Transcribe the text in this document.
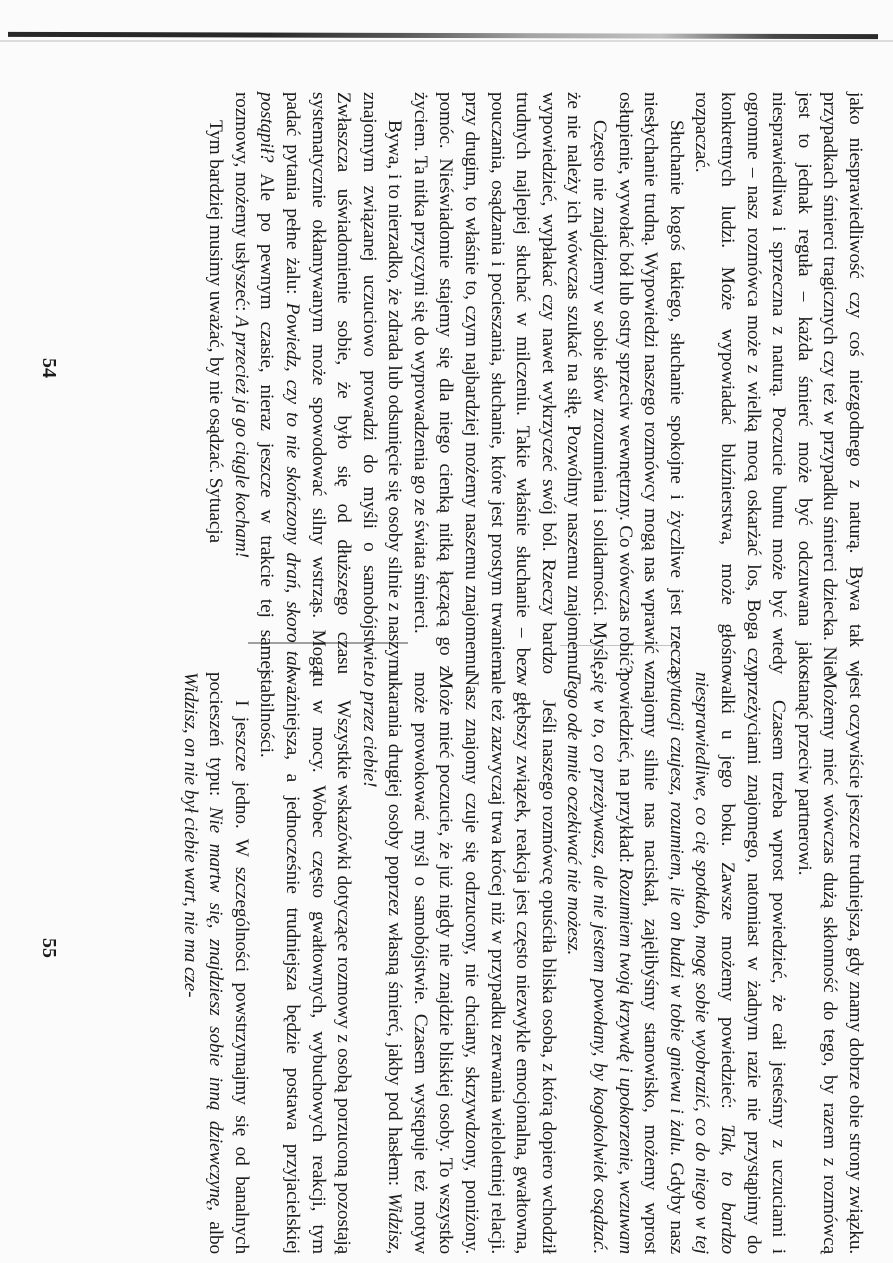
jako niesprawiedliwość czy coś niezgodnego z naturą. Bywa tak w przypadkach śmierci tragicznych czy też w przypadku śmierci dziecka. Nie jest to jednak reguła – każda śmierć może być odczuwana jako niesprawiedliwa i sprzeczna z naturą. Poczucie buntu może być wtedy ogromne – nasz rozmówca może z wielką mocą oskarżać los, Boga czy konkretnych ludzi. Może wypowiadać bluźnierstwa, może głośno rozpaczać.

Słuchanie kogoś takiego, słuchanie spokojne i życzliwe jest rzeczą niesłychanie trudną. Wypowiedzi naszego rozmówcy mogą nas wprawić w osłupienie, wywołać bół lub ostry sprzeciw wewnętrzny. Co wówczas robić?

Często nie znajdziemy w sobie słów zrozumienia i solidarności. Myślę, że nie należy ich wówczas szukać na siłę. Pozwólmy naszemu znajomemu wypowiedzieć, wypłakać czy nawet wykrzyczeć swój ból. Rzeczy bardzo trudnych najlepiej słuchać w milczeniu. Takie właśnie słuchanie – bez pouczania, osądzania i pocieszania, słuchanie, które jest prostym trwaniem przy drugim, to właśnie to, czym najbardziej możemy naszemu znajomemu pomóc. Nieświadomie stajemy się dla niego cienką nitką łączącą go z życiem. Ta nitka przyczyni się do wyprowadzenia go ze świata śmierci.

Bywa, i to nierzadko, że zdrada lub odsunięcie się osoby silnie z naszym znajomym związanej uczuciowo prowadzi do myśli o samobójstwie. Zwłaszcza uświadomienie sobie, że było się od dłuższego czasu systematycznie okłamywanym może spowodować silny wstrząs. Mogą padać pytania pełne żalu: Powiedz, czy to nie skończony drań, skoro tak postąpił? Ale po pewnym czasie, nieraz jeszcze w trakcie tej samej rozmowy, możemy usłyszeć: A przecież ja go ciągle kocham!

Tym bardziej musimy uważać, by nie osądzać. Sytuacja

54

jest oczywiście jeszcze trudniejsza, gdy znamy dobrze obie strony związku. Możemy mieć wówczas dużą skłonność do tego, by razem z rozmówcą stanąć przeciw partnerowi.

Czasem trzeba wprost powiedzieć, że całi jesteśmy z uczuciami i przeżyciami znajomego, natomiast w żadnym razie nie przystąpimy do walki u jego boku. Zawsze możemy powiedzieć: Tak, to bardzo niesprawiedliwe, co cię spotkało, mogę sobie wyobrazić, co do niego w tej sytuacji czujesz, rozumiem, ile on budzi w tobie gniewu i żalu. Gdyby nasz znajomy silnie nas naciskał, zajęlibyśmy stanowisko, możemy wprost powiedzieć, na przykład: Rozumiem twoją krzywdę i upokorzenie, wczuwam się w to, co przeżywasz, ale nie jestem powołany, by kogokolwiek osądzać. Tego ode mnie oczekiwać nie możesz.

Jeśli naszego rozmówcę opuściła bliska osoba, z którą dopiero wchodził w głębszy związek, reakcja jest często niezwykle emocjonalna, gwałtowna, ale też zazwyczaj trwa krócej niż w przypadku zerwania wieloletniej relacji. Nasz znajomy czuje się odrzucony, nie chciany, skrzywdzony, poniżony. Może mieć poczucie, że już nigdy nie znajdzie bliskiej osoby. To wszystko może prowokować myśl o samobójstwie. Czasem występuje też motyw ukarania drugiej osoby poprzez własną śmierć, jakby pod hasłem: Widzisz, to przez ciebie!

Wszystkie wskazówki dotyczące rozmowy z osobą porzuconą pozostają tu w mocy. Wobec często gwałtownych, wybuchowych reakcji, tym ważniejsza, a jednocześnie trudniejsza będzie postawa przyjacielskiej stabilności.

I jeszcze jedno. W szczególności powstrzymajmy się od banalnych pocieszeń typu: Nie martw się, znajdziesz sobie inną dziewczynę, albo Widzisz, on nie był ciebie wart, nie ma cze-

55
